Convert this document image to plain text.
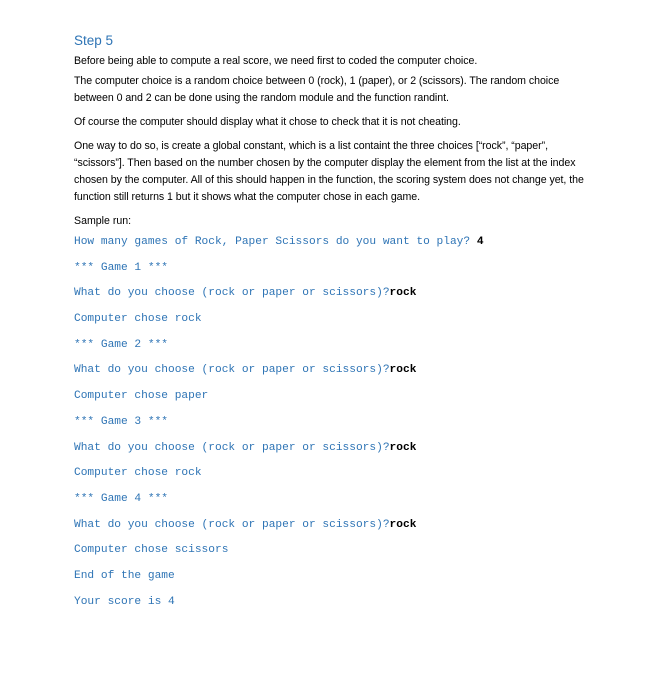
Step 5

Before being able to compute a real score, we need first to coded the computer choice.

The computer choice is a random choice between 0 (rock), 1 (paper), or 2 (scissors). The random choice between 0 and 2 can be done using the random module and the function randint.

Of course the computer should display what it chose to check that it is not cheating.

One way to do so, is create a global constant, which is a list containt the three choices [“rock”, “paper”, “scissors”]. Then based on the number chosen by the computer display the element from the list at the index chosen by the computer. All of this should happen in the function, the scoring system does not change yet, the function still returns 1 but it shows what the computer chose in each game.

Sample run:
How many games of Rock, Paper Scissors do you want to play? 4
*** Game 1 ***
What do you choose (rock or paper or scissors)?rock
Computer chose rock
*** Game 2 ***
What do you choose (rock or paper or scissors)?rock
Computer chose paper
*** Game 3 ***
What do you choose (rock or paper or scissors)?rock
Computer chose rock
*** Game 4 ***
What do you choose (rock or paper or scissors)?rock
Computer chose scissors
End of the game
Your score is 4
